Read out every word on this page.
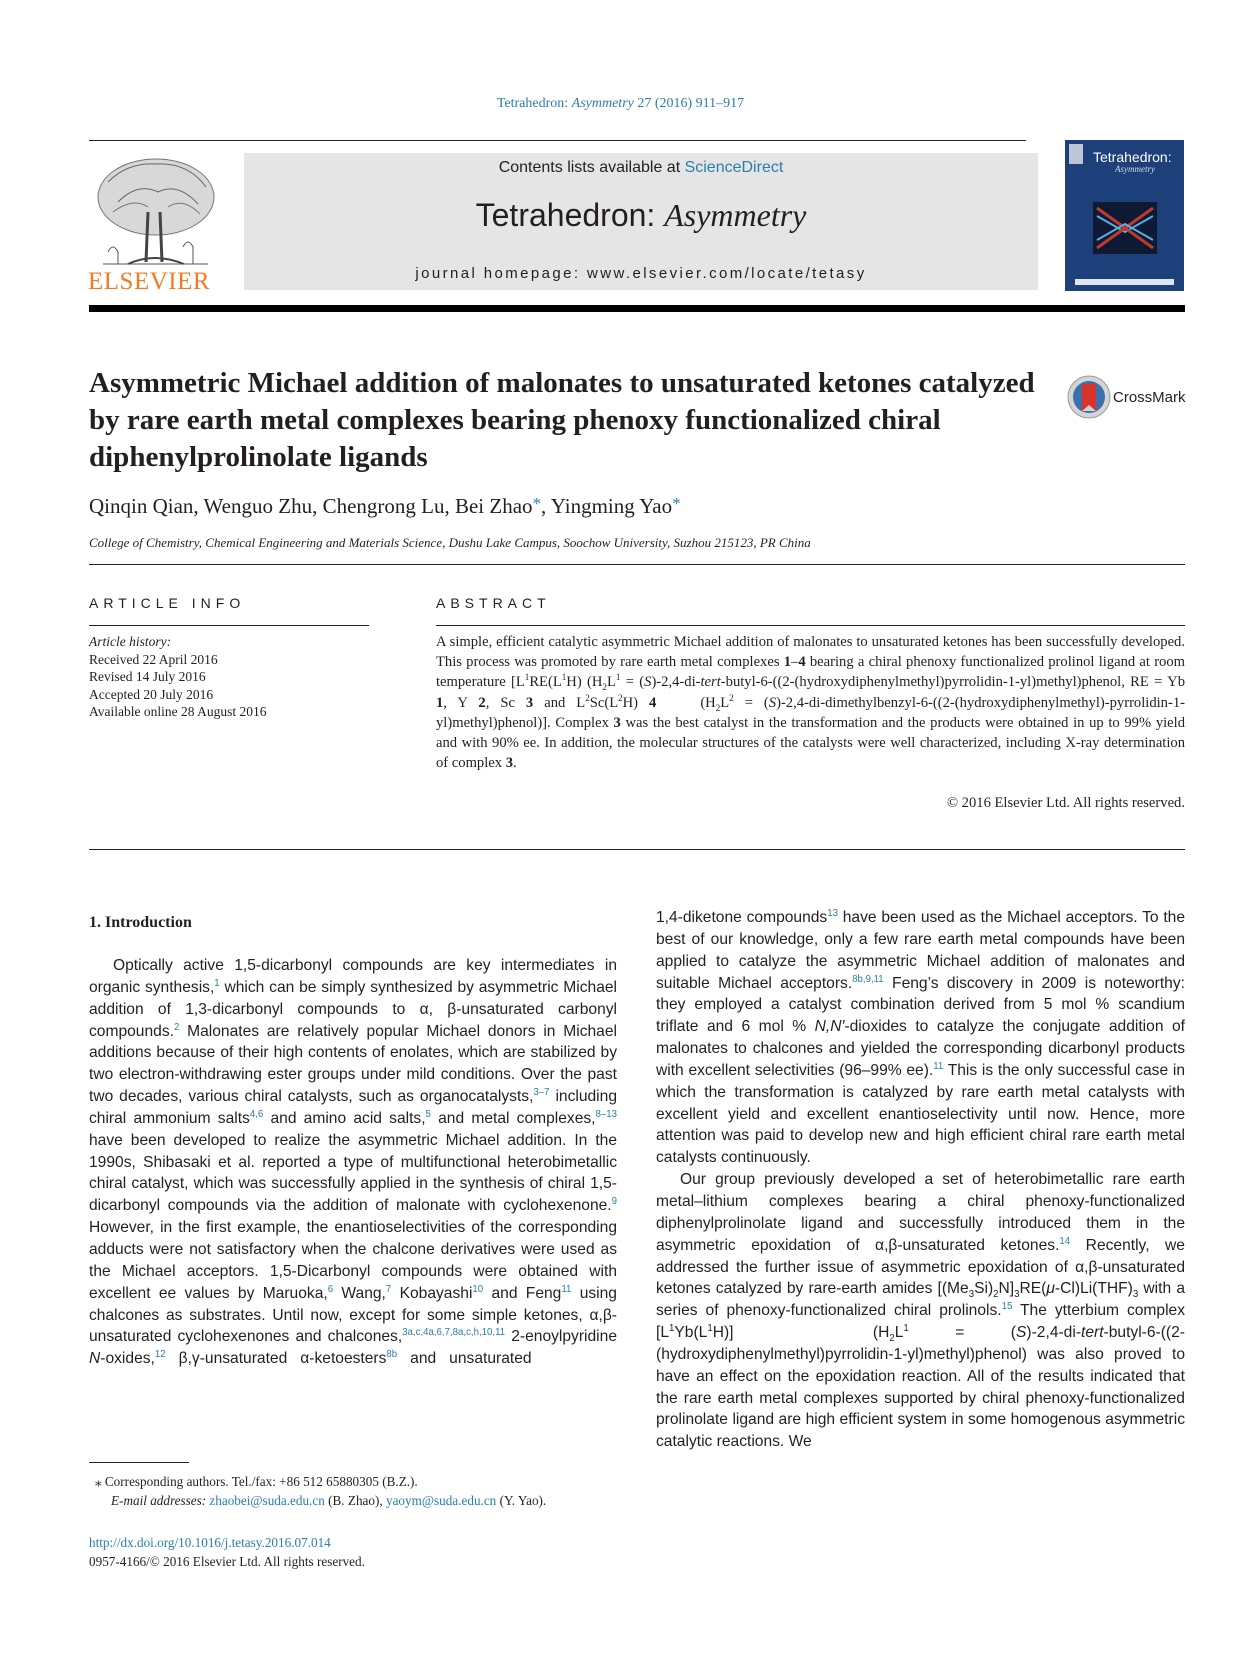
Tetrahedron: Asymmetry 27 (2016) 911–917
ELSEVIER
Contents lists available at ScienceDirect
Tetrahedron: Asymmetry
journal homepage: www.elsevier.com/locate/tetasy
Tetrahedron:
Asymmetry
Asymmetric Michael addition of malonates to unsaturated ketones catalyzed by rare earth metal complexes bearing phenoxy functionalized chiral diphenylprolinolate ligands
CrossMark
Qinqin Qian, Wenguo Zhu, Chengrong Lu, Bei Zhao*, Yingming Yao*
College of Chemistry, Chemical Engineering and Materials Science, Dushu Lake Campus, Soochow University, Suzhou 215123, PR China
ARTICLE INFO
Article history:
Received 22 April 2016
Revised 14 July 2016
Accepted 20 July 2016
Available online 28 August 2016
ABSTRACT
A simple, efficient catalytic asymmetric Michael addition of malonates to unsaturated ketones has been successfully developed. This process was promoted by rare earth metal complexes 1–4 bearing a chiral phenoxy functionalized prolinol ligand at room temperature [$L^1RE(L^1H) (H_2L^1$ = (S)-2,4-di-tert-butyl-6-((2-(hydroxydiphenylmethyl)pyrrolidin-1-yl)methyl)phenol, RE = Yb 1, Y 2, Sc 3 and $L^2Sc(L^2H)$ 4    ($H_2L^2$ = (S)-2,4-di-dimethylbenzyl-6-((2-(hydroxydiphenylmethyl)-pyrrolidin-1-yl)methyl)phenol)]. Complex 3 was the best catalyst in the transformation and the products were obtained in up to 99% yield and with 90% ee. In addition, the molecular structures of the catalysts were well characterized, including X-ray determination of complex 3.
© 2016 Elsevier Ltd. All rights reserved.
1. Introduction

Optically active 1,5-dicarbonyl compounds are key intermediates in organic synthesis,$^1$ which can be simply synthesized by asymmetric Michael addition of 1,3-dicarbonyl compounds to α, β-unsaturated carbonyl compounds.$^2$ Malonates are relatively popular Michael donors in Michael additions because of their high contents of enolates, which are stabilized by two electron-withdrawing ester groups under mild conditions. Over the past two decades, various chiral catalysts, such as organocatalysts,$^{3-7}$ including chiral ammonium salts$^{4,6}$ and amino acid salts,$^5$ and metal complexes,$^{8-13}$ have been developed to realize the asymmetric Michael addition. In the 1990s, Shibasaki et al. reported a type of multifunctional heterobimetallic chiral catalyst, which was successfully applied in the synthesis of chiral 1,5-dicarbonyl compounds via the addition of malonate with cyclohexenone.$^9$ However, in the first example, the enantioselectivities of the corresponding adducts were not satisfactory when the chalcone derivatives were used as the Michael acceptors. 1,5-Dicarbonyl compounds were obtained with excellent ee values by Maruoka,$^6$ Wang,$^7$ Kobayashi$^{10}$ and Feng$^{11}$ using chalcones as substrates. Until now, except for some simple ketones, α,β-unsaturated cyclohexenones and chalcones,$^{3a,c,4a,6,7,8a,c,h,10,11}$ 2-enoylpyridine N-oxides,$^{12}$   β,γ-unsaturated   α-ketoesters$^{8b}$   and   unsaturated

1,4-diketone compounds$^{13}$ have been used as the Michael acceptors. To the best of our knowledge, only a few rare earth metal compounds have been applied to catalyze the asymmetric Michael addition of malonates and suitable Michael acceptors.$^{8b,9,11}$ Feng’s discovery in 2009 is noteworthy: they employed a catalyst combination derived from 5 mol % scandium triflate and 6 mol % N,N′-dioxides to catalyze the conjugate addition of malonates to chalcones and yielded the corresponding dicarbonyl products with excellent selectivities (96–99% ee).$^{11}$ This is the only successful case in which the transformation is catalyzed by rare earth metal catalysts with excellent yield and excellent enantioselectivity until now. Hence, more attention was paid to develop new and high efficient chiral rare earth metal catalysts continuously.

Our group previously developed a set of heterobimetallic rare earth metal–lithium complexes bearing a chiral phenoxy-functionalized diphenylprolinolate ligand and successfully introduced them in the asymmetric epoxidation of α,β-unsaturated ketones.$^{14}$ Recently, we addressed the further issue of asymmetric epoxidation of α,β-unsaturated ketones catalyzed by rare-earth amides $[(Me_3Si)_2N]_3RE(\mu-Cl)Li(THF)_3$ with a series of phenoxy-functionalized chiral prolinols.$^{15}$ The ytterbium complex $[L^1Yb(L^1H)] (H_2L^1$ = (S)-2,4-di-tert-butyl-6-((2-(hydroxydiphenylmethyl)pyrrolidin-1-yl)methyl)phenol) was also proved to have an effect on the epoxidation reaction. All of the results indicated that the rare earth metal complexes supported by chiral phenoxy-functionalized prolinolate ligand are high efficient system in some homogenous asymmetric catalytic reactions. We

⁎ Corresponding authors. Tel./fax: +86 512 65880305 (B.Z.).
E-mail addresses: zhaobei@suda.edu.cn (B. Zhao), yaoym@suda.edu.cn (Y. Yao).
http://dx.doi.org/10.1016/j.tetasy.2016.07.014
0957-4166/© 2016 Elsevier Ltd. All rights reserved.
